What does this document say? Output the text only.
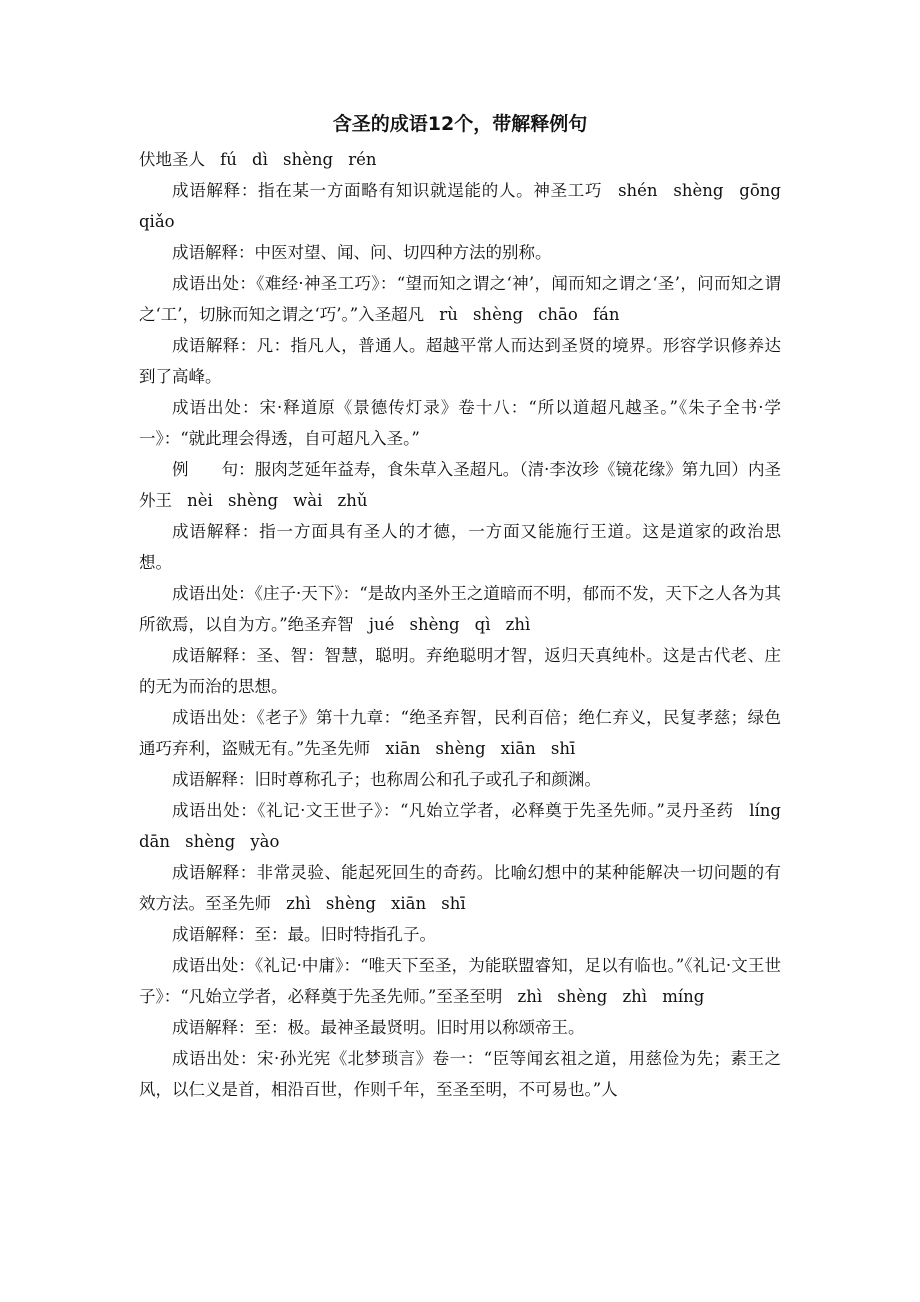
含圣的成语12个，带解释例句

伏地圣人 fú dì shèng rén

成语解释：指在某一方面略有知识就逞能的人。神圣工巧 shén shèng gōng qiǎo

成语解释：中医对望、闻、问、切四种方法的别称。

成语出处：《难经·神圣工巧》：“望而知之谓之‘神’，闻而知之谓之‘圣’，问而知之谓之‘工’，切脉而知之谓之‘巧’。”入圣超凡 rù shèng chāo fán

成语解释：凡：指凡人，普通人。超越平常人而达到圣贤的境界。形容学识修养达到了高峰。

成语出处：宋·释道原《景德传灯录》卷十八：“所以道超凡越圣。”《朱子全书·学一》：“就此理会得透，自可超凡入圣。”

例　　句：服肉芝延年益寿，食朱草入圣超凡。（清·李汝珍《镜花缘》第九回）内圣外王 nèi shèng wài zhǔ

成语解释：指一方面具有圣人的才德，一方面又能施行王道。这是道家的政治思想。

成语出处：《庄子·天下》：“是故内圣外王之道暗而不明，郁而不发，天下之人各为其所欲焉，以自为方。”绝圣弃智 jué shèng qì zhì

成语解释：圣、智：智慧，聪明。弃绝聪明才智，返归天真纯朴。这是古代老、庄的无为而治的思想。

成语出处：《老子》第十九章：“绝圣弃智，民利百倍；绝仁弃义，民复孝慈；绿色通巧弃利，盗贼无有。”先圣先师 xiān shèng xiān shī

成语解释：旧时尊称孔子；也称周公和孔子或孔子和颜渊。

成语出处：《礼记·文王世子》：“凡始立学者，必释奠于先圣先师。”灵丹圣药 líng dān shèng yào

成语解释：非常灵验、能起死回生的奇药。比喻幻想中的某种能解决一切问题的有效方法。至圣先师 zhì shèng xiān shī

成语解释：至：最。旧时特指孔子。

成语出处：《礼记·中庸》：“唯天下至圣，为能联盟睿知，足以有临也。”《礼记·文王世子》：“凡始立学者，必释奠于先圣先师。”至圣至明 zhì shèng zhì míng

成语解释：至：极。最神圣最贤明。旧时用以称颂帝王。

成语出处：宋·孙光宪《北梦琐言》卷一：“臣等闻玄祖之道，用慈俭为先；素王之风，以仁义是首，相沿百世，作则千年，至圣至明，不可易也。”人
